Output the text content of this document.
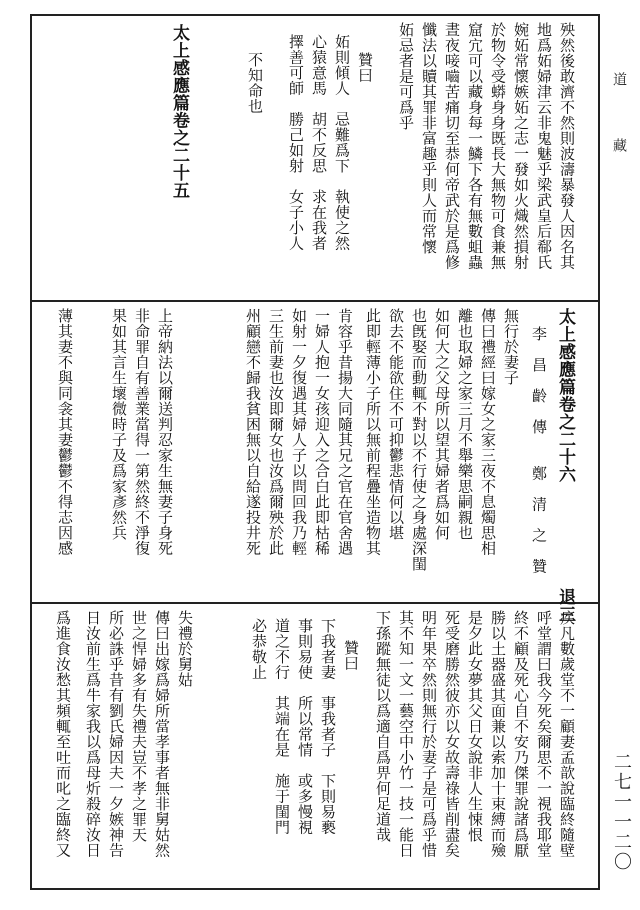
道
藏
二七一一二〇
殃然後敢濟不然則波濤暴發人因名其
地爲妬婦津云非鬼魅乎梁武皇后郗氏
婉妬常懷嫉妬之志一發如火熾然損射
於物令受蟒身身既長大無物可食兼無
窟宂可以藏身每一鱗下各有無數蛆蟲
晝夜唼嚙苦痛切至恭何帝武於是爲修
懺法以贖其罪非富趣乎則人而常懷
妬忌者是可爲乎
贊曰
妬則傾人　忌難爲下　執使之然
心猿意馬　胡不反思　求在我者
擇善可師　勝己如射　女子小人
不知命也
太上感應篇卷之二十五
太上感應篇卷之二十六　　　　　　退三
李　昌　齡　傳　　鄭　清　之　贊
無行於妻子
傳曰禮經曰嫁女之家三夜不息燭思相
離也取婦之家三月不舉樂思嗣親也
如何大之父母所以望其婦者爲如何
也旣娶而動輒不對以不行使之身處深閨
欲去不能欲住不可抑鬱悲情何以堪
此即輕薄小子所以無前程疊坐造物其
肯容乎昔揚大同隨其兄之官在官舍遇
一婦人抱一女孩迎入之合白此即枯稀
如射一夕復遇其婦人子以問回我乃輕
三生前妻也汝即爾女也汝爲爾殃於此
州顧戀不歸我貧困無以自給遂投井死
上帝納法以爾送判忍家生無妻子身死
非命罪自有善業當得一第然終不淨復
果如其言生壞微時子及爲家彥然兵
薄其妻不與同衾其妻鬱鬱不得志因感
疾凡數歲堂不一顧妻孟歆說臨終隨壁
呼堂謂曰我今死矣爾思不一視我耶堂
終不顧及死心自不安乃傑罪說諸爲厭
勝以土器盛其面兼以索加十束縛而殮
是夕此女夢其父日女說非人生悚恨
死受磨勝然彼亦以女故壽祿皆削盡矣
明年果卒然則無行於妻子是可爲乎惜
其不知一文一藝空中小竹一技一能日
下孫蹤無徒以爲適自爲畀何足道哉
贊曰
下我者妻　事我者子　下則易褻
事則易使　所以常情　或多慢視
道之不行　其端在是　施于閨門
必恭敬止
失禮於舅姑
傳曰出嫁爲婦所當孝事者無非舅姑然
世之悍婦多有失禮夫豈不孝之罪天
所必誅乎昔有劉氏婦因夫一夕嫉神告
日汝前生爲牛家我以爲母炘殺碎汝日
爲進食汝愁其頻輒至吐而叱之臨終又
